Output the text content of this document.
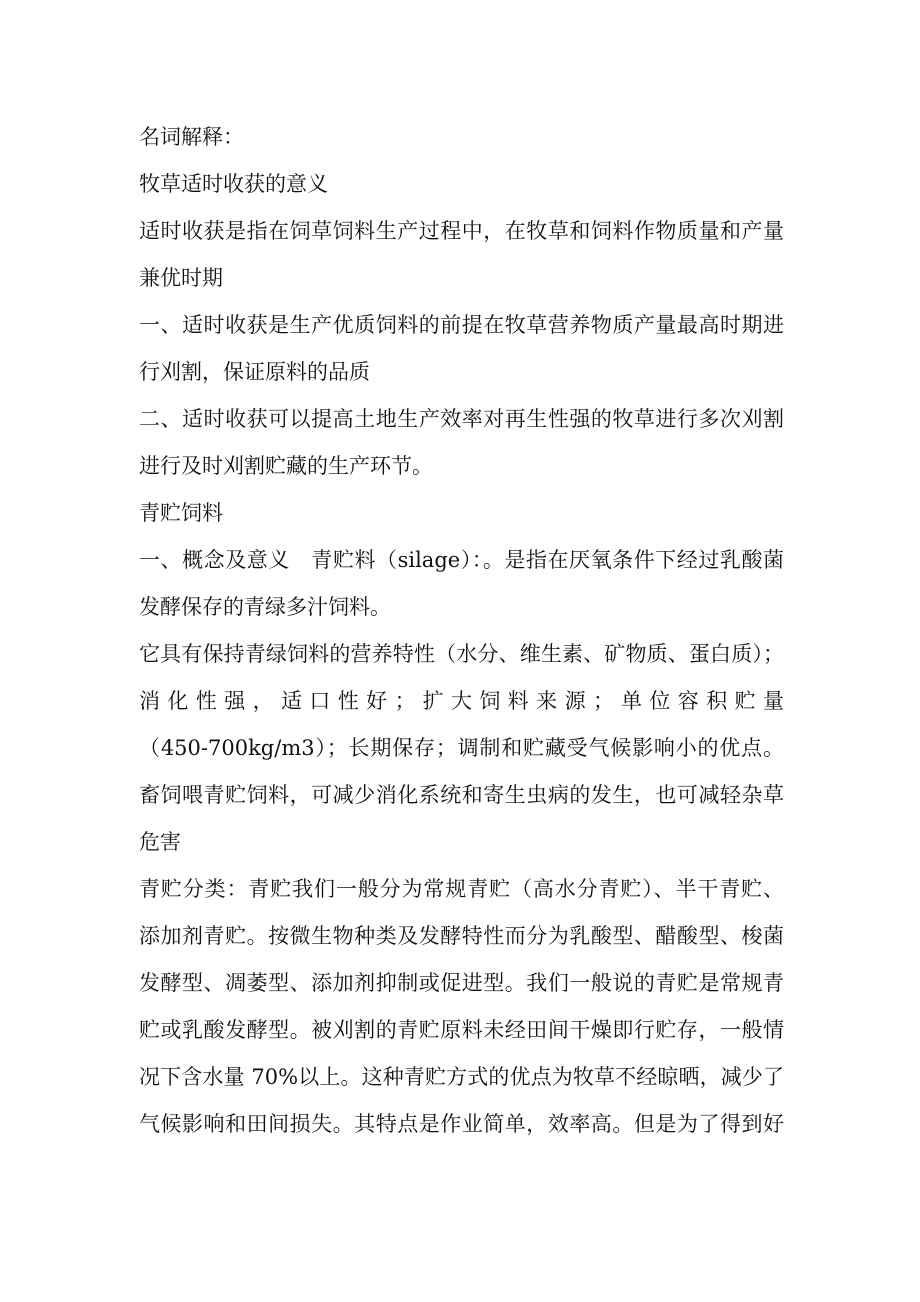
名词解释：
牧草适时收获的意义
适时收获是指在饲草饲料生产过程中，在牧草和饲料作物质量和产量
兼优时期
一、适时收获是生产优质饲料的前提在牧草营养物质产量最高时期进
行刈割，保证原料的品质
二、适时收获可以提高土地生产效率对再生性强的牧草进行多次刈割
进行及时刈割贮藏的生产环节。
青贮饲料
一、概念及意义　青贮料（silage）：。是指在厌氧条件下经过乳酸菌
发酵保存的青绿多汁饲料。
它具有保持青绿饲料的营养特性（水分、维生素、矿物质、蛋白质）；
消 化 性 强 ， 适 口 性 好 ； 扩 大 饲 料 来 源 ； 单 位 容 积 贮 量
（450-700kg/m3）；长期保存；调制和贮藏受气候影响小的优点。
畜饲喂青贮饲料，可减少消化系统和寄生虫病的发生，也可减轻杂草
危害
青贮分类：青贮我们一般分为常规青贮（高水分青贮）、半干青贮、
添加剂青贮。按微生物种类及发酵特性而分为乳酸型、醋酸型、梭菌
发酵型、凋萎型、添加剂抑制或促进型。我们一般说的青贮是常规青
贮或乳酸发酵型。被刈割的青贮原料未经田间干燥即行贮存，一般情
况下含水量 70%以上。这种青贮方式的优点为牧草不经晾晒，减少了
气候影响和田间损失。其特点是作业简单，效率高。但是为了得到好
